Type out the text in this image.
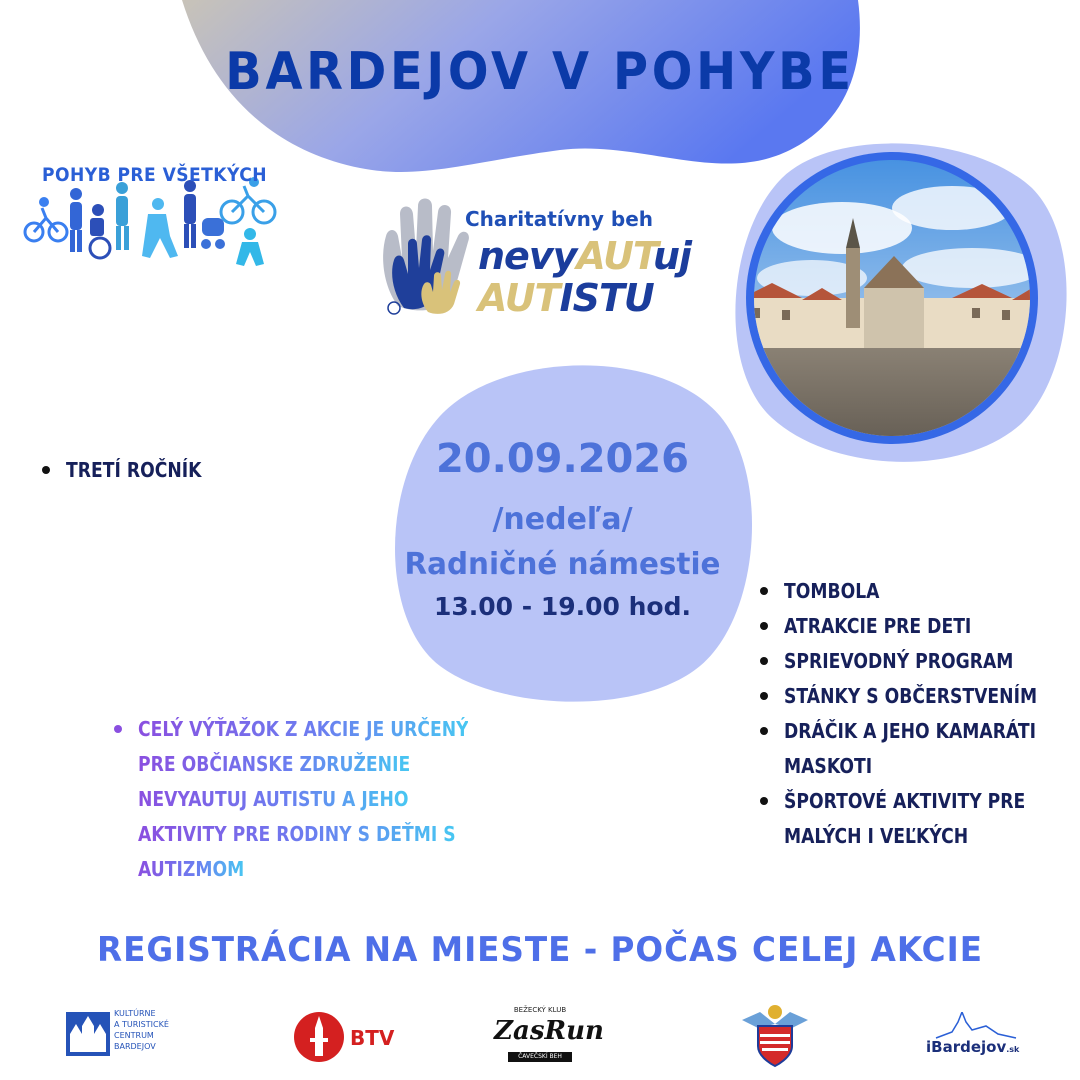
BARDEJOV V POHYBE
POHYB PRE VŠETKÝCH
Charitatívny beh
nevyAUTuj
AUTISTU
20.09.2026
/nedeľa/
Radničné námestie
13.00 - 19.00 hod.
TRETÍ ROČNÍK
TOMBOLA
ATRAKCIE PRE DETI
SPRIEVODNÝ PROGRAM
STÁNKY S OBČERSTVENÍM
DRÁČIK A JEHO KAMARÁTI
MASKOTI
ŠPORTOVÉ AKTIVITY PRE
MALÝCH I VEĽKÝCH
CELÝ VÝŤAŽOK Z AKCIE JE URČENÝ
PRE OBČIANSKE ZDRUŽENIE
NEVYAUTUJ AUTISTU A JEHO
AKTIVITY PRE RODINY S DEŤMI S
AUTIZMOM
REGISTRÁCIA NA MIESTE - POČAS CELEJ AKCIE
KULTÚRNE
A TURISTICKÉ
CENTRUM
BARDEJOV	BTV
BEŽECKÝ KLUB
ZasRun
ČAVEČSKÍ BEH ANCKI
iBardejov.sk
